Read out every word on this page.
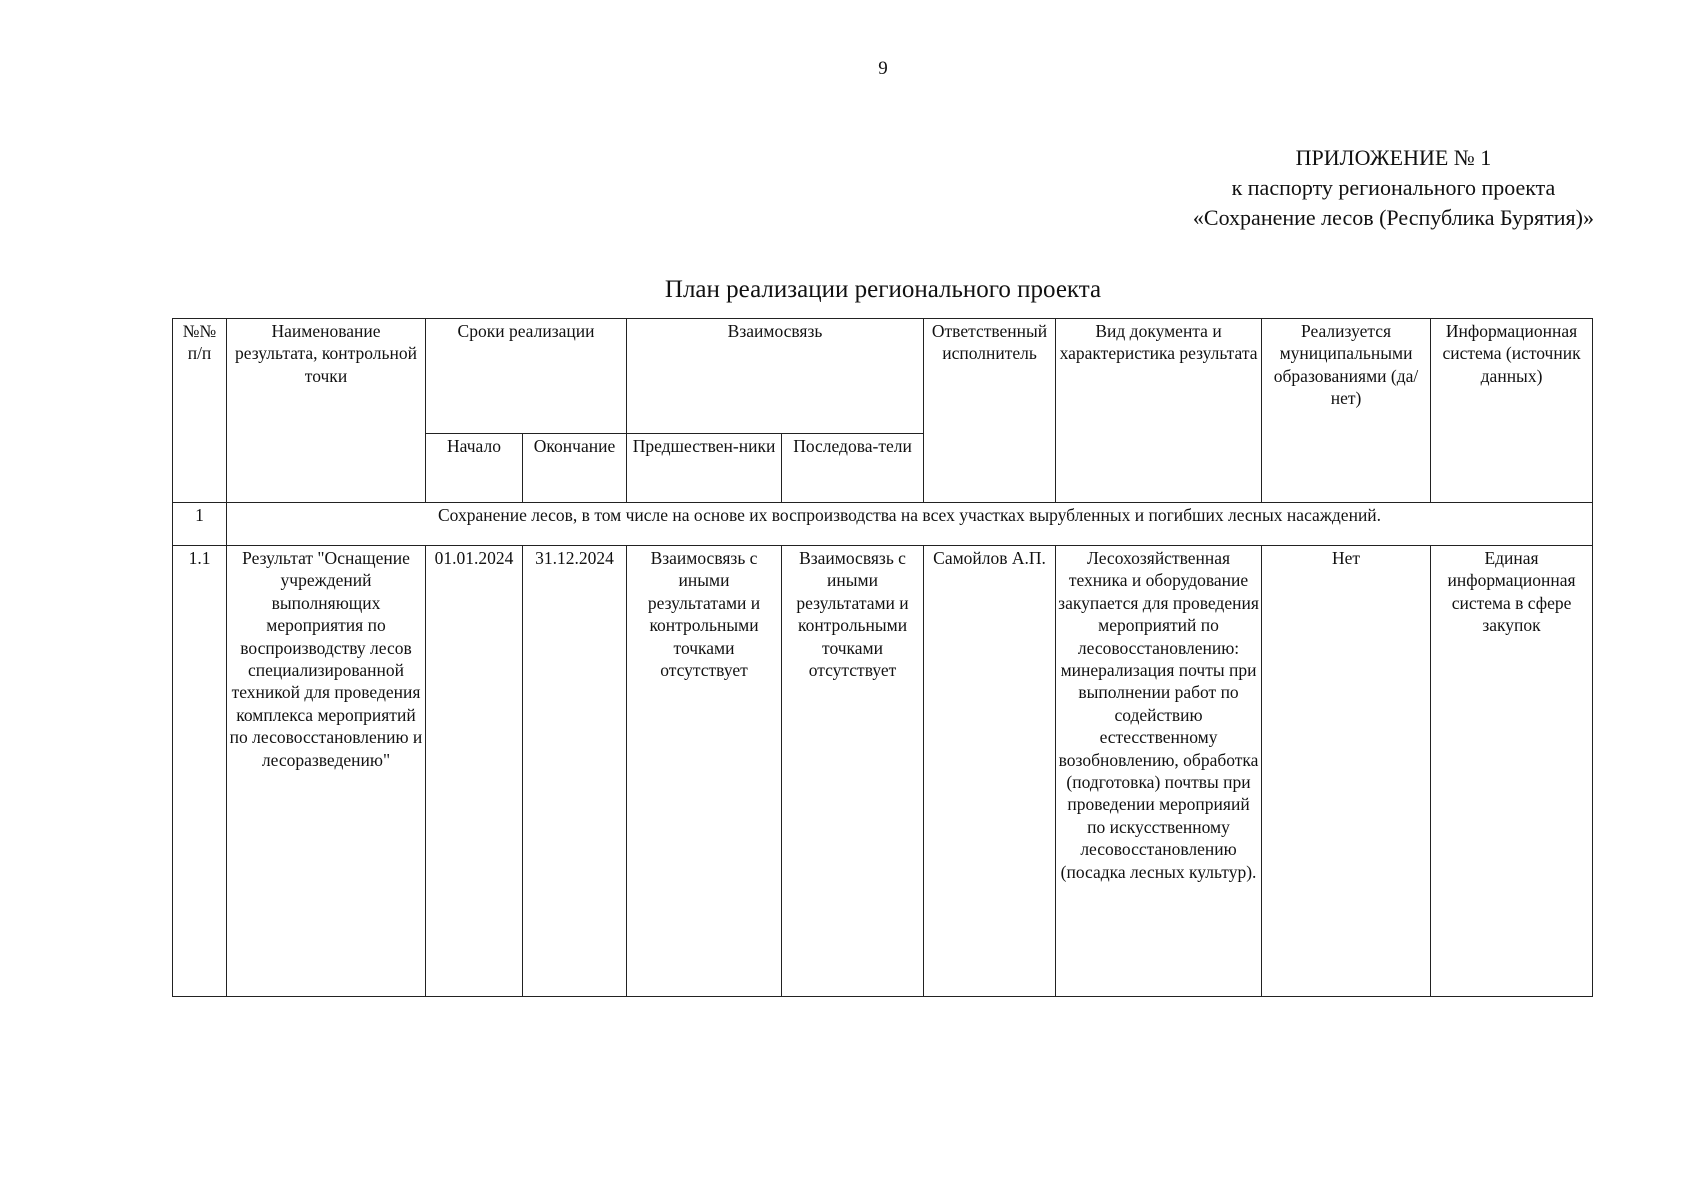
9
ПРИЛОЖЕНИЕ № 1
к паспорту регионального проекта
«Сохранение лесов (Республика Бурятия)»
План реализации регионального проекта
№№ п/п	Наименование результата, контрольной точки	Сроки реализации		Взаимосвязь		Ответственный исполнитель	Вид документа и характеристика результата	Реализуется муниципальными образованиями (да/нет)	Информационная система (источник данных)
		Начало	Окончание	Предшествен-ники	Последова-тели				
1	Сохранение лесов, в том числе на основе их воспроизводства на всех участках вырубленных и погибших лесных насаждений.								
1.1	Результат "Оснащение учреждений выполняющих мероприятия по воспроизводству лесов специализированной техникой для проведения комплекса мероприятий по лесовосстановлению и лесоразведению"	01.01.2024	31.12.2024	Взаимосвязь с иными результатами и контрольными точками отсутствует	Взаимосвязь с иными результатами и контрольными точками отсутствует	Самойлов А.П.	Лесохозяйственная техника и оборудование закупается для проведения мероприятий по лесовосстановлению: минерализация почты при выполнении работ по содействию естесственному возобновлению, обработка (подготовка) почтвы при проведении мероприяий по искусственному лесовосстановлению (посадка лесных культур).	Нет	Единая информационная система в сфере закупок
